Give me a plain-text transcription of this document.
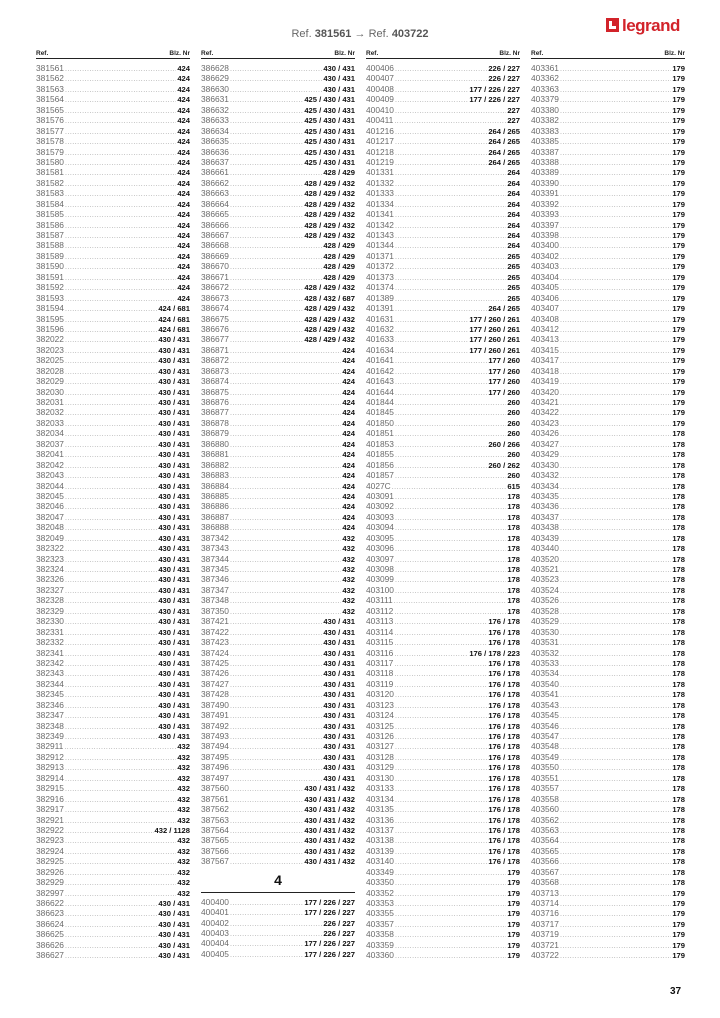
Ref. 381561 → Ref. 403722	legrand
Ref.	Blz. Nr
381561 .....	424
381562 .....	424
381563 .....	424
381564 .....	424
381565 .....	424
381576 .....	424
381577 .....	424
381578 .....	424
381579 .....	424
381580 .....	424
381581 .....	424
381582 .....	424
381583 .....	424
381584 .....	424
381585 .....	424
381586 .....	424
381587 .....	424
381588 .....	424
381589 .....	424
381590 .....	424
381591 .....	424
381592 .....	424
381593 .....	424
381594 .....	424 / 681
381595 .....	424 / 681
381596 .....	424 / 681
382022 .....	430 / 431
382023 .....	430 / 431
382025 .....	430 / 431
382028 .....	430 / 431
382029 .....	430 / 431
382030 .....	430 / 431
382031 .....	430 / 431
382032 .....	430 / 431
382033 .....	430 / 431
382034 .....	430 / 431
382037 .....	430 / 431
382041 .....	430 / 431
382042 .....	430 / 431
382043 .....	430 / 431
382044 .....	430 / 431
382045 .....	430 / 431
382046 .....	430 / 431
382047 .....	430 / 431
382048 .....	430 / 431
382049 .....	430 / 431
382322 .....	430 / 431
382323 .....	430 / 431
382324 .....	430 / 431
382326 .....	430 / 431
382327 .....	430 / 431
382328 .....	430 / 431
382329 .....	430 / 431
382330 .....	430 / 431
382331 .....	430 / 431
382332 .....	430 / 431
382341 .....	430 / 431
382342 .....	430 / 431
382343 .....	430 / 431
382344 .....	430 / 431
382345 .....	430 / 431
382346 .....	430 / 431
382347 .....	430 / 431
382348 .....	430 / 431
382349 .....	430 / 431
382911 .....	432
382912 .....	432
382913 .....	432
382914 .....	432
382915 .....	432
382916 .....	432
382917 .....	432
382921 .....	432
382922 .....	432 / 1128
382923 .....	432
382924 .....	432
382925 .....	432
382926 .....	432
382929 .....	432
382997 .....	432
386622 .....	430 / 431
386623 .....	430 / 431
386624 .....	430 / 431
386625 .....	430 / 431
386626 .....	430 / 431
386627 .....	430 / 431
Ref.	Blz. Nr
386628 .....	430 / 431
386629 .....	430 / 431
386630 .....	430 / 431
386631 .....	425 / 430 / 431
386632 .....	425 / 430 / 431
386633 .....	425 / 430 / 431
386634 .....	425 / 430 / 431
386635 .....	425 / 430 / 431
386636 .....	425 / 430 / 431
386637 .....	425 / 430 / 431
386661 .....	428 / 429
386662 .....	428 / 429 / 432
386663 .....	428 / 429 / 432
386664 .....	428 / 429 / 432
386665 .....	428 / 429 / 432
386666 .....	428 / 429 / 432
386667 .....	428 / 429 / 432
386668 .....	428 / 429
386669 .....	428 / 429
386670 .....	428 / 429
386671 .....	428 / 429
386672 .....	428 / 429 / 432
386673 .....	428 / 432 / 687
386674 .....	428 / 429 / 432
386675 .....	428 / 429 / 432
386676 .....	428 / 429 / 432
386677 .....	428 / 429 / 432
386871 .....	424
386872 .....	424
386873 .....	424
386874 .....	424
386875 .....	424
386876 .....	424
386877 .....	424
386878 .....	424
386879 .....	424
386880 .....	424
386881 .....	424
386882 .....	424
386883 .....	424
386884 .....	424
386885 .....	424
386886 .....	424
386887 .....	424
386888 .....	424
387342 .....	432
387343 .....	432
387344 .....	432
387345 .....	432
387346 .....	432
387347 .....	432
387348 .....	432
387350 .....	432
387421 .....	430 / 431
387422 .....	430 / 431
387423 .....	430 / 431
387424 .....	430 / 431
387425 .....	430 / 431
387426 .....	430 / 431
387427 .....	430 / 431
387428 .....	430 / 431
387490 .....	430 / 431
387491 .....	430 / 431
387492 .....	430 / 431
387493 .....	430 / 431
387494 .....	430 / 431
387495 .....	430 / 431
387496 .....	430 / 431
387497 .....	430 / 431
387560 .....	430 / 431 / 432
387561 .....	430 / 431 / 432
387562 .....	430 / 431 / 432
387563 .....	430 / 431 / 432
387564 .....	430 / 431 / 432
387565 .....	430 / 431 / 432
387566 .....	430 / 431 / 432
387567 .....	430 / 431 / 432
4
400400 .....	177 / 226 / 227
400401 .....	177 / 226 / 227
400402 .....	226 / 227
400403 .....	226 / 227
400404 .....	177 / 226 / 227
400405 .....	177 / 226 / 227
Ref.	Blz. Nr
400406 .....	226 / 227
400407 .....	226 / 227
400408 .....	177 / 226 / 227
400409 .....	177 / 226 / 227
400410 .....	227
400411 .....	227
401216 .....	264 / 265
401217 .....	264 / 265
401218 .....	264 / 265
401219 .....	264 / 265
401331 .....	264
401332 .....	264
401333 .....	264
401334 .....	264
401341 .....	264
401342 .....	264
401343 .....	264
401344 .....	264
401371 .....	265
401372 .....	265
401373 .....	265
401374 .....	265
401389 .....	265
401391 .....	264 / 265
401631 .....	177 / 260 / 261
401632 .....	177 / 260 / 261
401633 .....	177 / 260 / 261
401634 .....	177 / 260 / 261
401641 .....	177 / 260
401642 .....	177 / 260
401643 .....	177 / 260
401644 .....	177 / 260
401844 .....	260
401845 .....	260
401850 .....	260
401851 .....	260
401853 .....	260 / 266
401855 .....	260
401856 .....	260 / 262
401857 .....	260
4027C .....	615
403091 .....	178
403092 .....	178
403093 .....	178
403094 .....	178
403095 .....	178
403096 .....	178
403097 .....	178
403098 .....	178
403099 .....	178
403100 .....	178
403111 .....	178
403112 .....	178
403113 .....	176 / 178
403114 .....	176 / 178
403115 .....	176 / 178
403116 .....	176 / 178 / 223
403117 .....	176 / 178
403118 .....	176 / 178
403119 .....	176 / 178
403120 .....	176 / 178
403123 .....	176 / 178
403124 .....	176 / 178
403125 .....	176 / 178
403126 .....	176 / 178
403127 .....	176 / 178
403128 .....	176 / 178
403129 .....	176 / 178
403130 .....	176 / 178
403133 .....	176 / 178
403134 .....	176 / 178
403135 .....	176 / 178
403136 .....	176 / 178
403137 .....	176 / 178
403138 .....	176 / 178
403139 .....	176 / 178
403140 .....	176 / 178
403349 .....	179
403350 .....	179
403352 .....	179
403353 .....	179
403355 .....	179
403357 .....	179
403358 .....	179
403359 .....	179
403360 .....	179
Ref.	Blz. Nr
403361 .....	179
403362 .....	179
403363 .....	179
403379 .....	179
403380 .....	179
403382 .....	179
403383 .....	179
403385 .....	179
403387 .....	179
403388 .....	179
403389 .....	179
403390 .....	179
403391 .....	179
403392 .....	179
403393 .....	179
403397 .....	179
403398 .....	179
403400 .....	179
403402 .....	179
403403 .....	179
403404 .....	179
403405 .....	179
403406 .....	179
403407 .....	179
403408 .....	179
403412 .....	179
403413 .....	179
403415 .....	179
403417 .....	179
403418 .....	179
403419 .....	179
403420 .....	179
403421 .....	179
403422 .....	179
403423 .....	179
403426 .....	178
403427 .....	178
403429 .....	178
403430 .....	178
403432 .....	178
403434 .....	178
403435 .....	178
403436 .....	178
403437 .....	178
403438 .....	178
403439 .....	178
403440 .....	178
403520 .....	178
403521 .....	178
403523 .....	178
403524 .....	178
403526 .....	178
403528 .....	178
403529 .....	178
403530 .....	178
403531 .....	178
403532 .....	178
403533 .....	178
403534 .....	178
403540 .....	178
403541 .....	178
403543 .....	178
403545 .....	178
403546 .....	178
403547 .....	178
403548 .....	178
403549 .....	178
403550 .....	178
403551 .....	178
403557 .....	178
403558 .....	178
403560 .....	178
403562 .....	178
403563 .....	178
403564 .....	178
403565 .....	178
403566 .....	178
403567 .....	178
403568 .....	178
403713 .....	179
403714 .....	179
403716 .....	179
403717 .....	179
403719 .....	179
403721 .....	179
403722 .....	179
37
